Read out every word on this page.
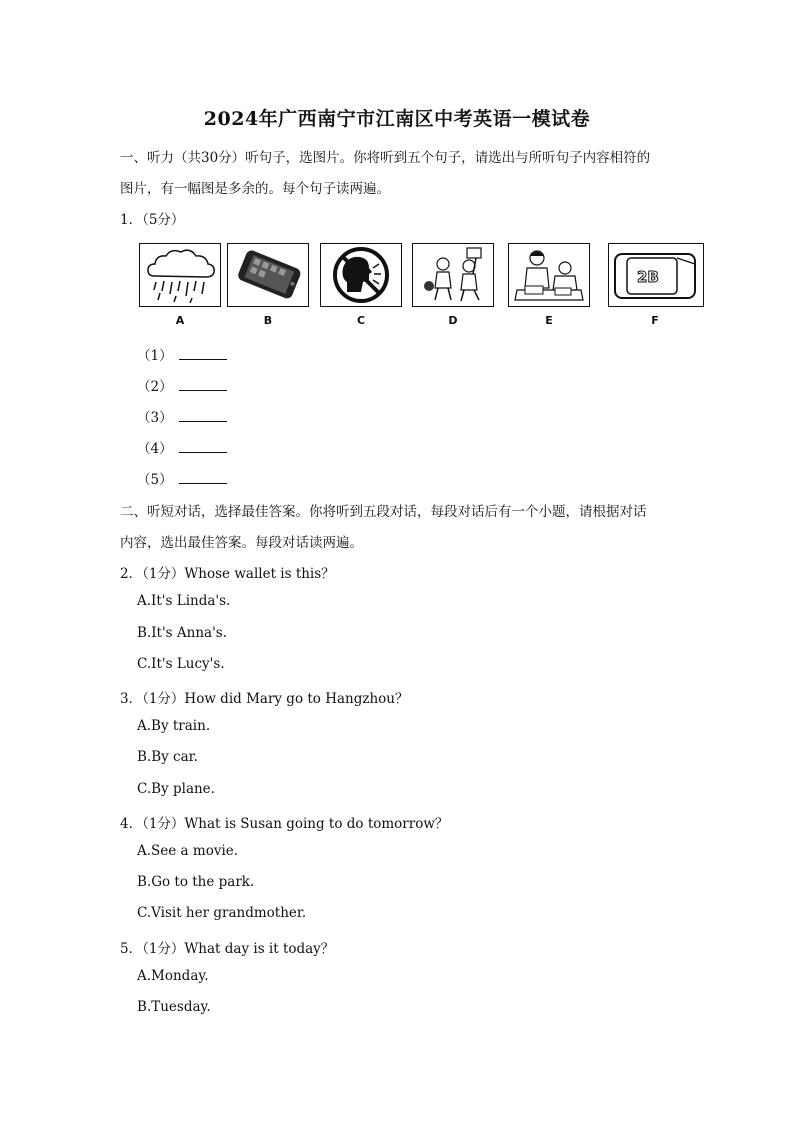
2024年广西南宁市江南区中考英语一模试卷
一、听力（共30分）听句子，选图片。你将听到五个句子，请选出与所听句子内容相符的
图片，有一幅图是多余的。每个句子读两遍。
1．（5分）
A	B	C	D	E
2B
F
（1）
（2）
（3）
（4）
（5）
二、听短对话，选择最佳答案。你将听到五段对话，每段对话后有一个小题，请根据对话
内容，选出最佳答案。每段对话读两遍。
2．（1分）Whose wallet is this？
A.It's Linda's.
B.It's Anna's.
C.It's Lucy's.
3．（1分）How did Mary go to Hangzhou？
A.By train.
B.By car.
C.By plane.
4．（1分）What is Susan going to do tomorrow？
A.See a movie.
B.Go to the park.
C.Visit her grandmother.
5．（1分）What day is it today？
A.Monday.
B.Tuesday.
